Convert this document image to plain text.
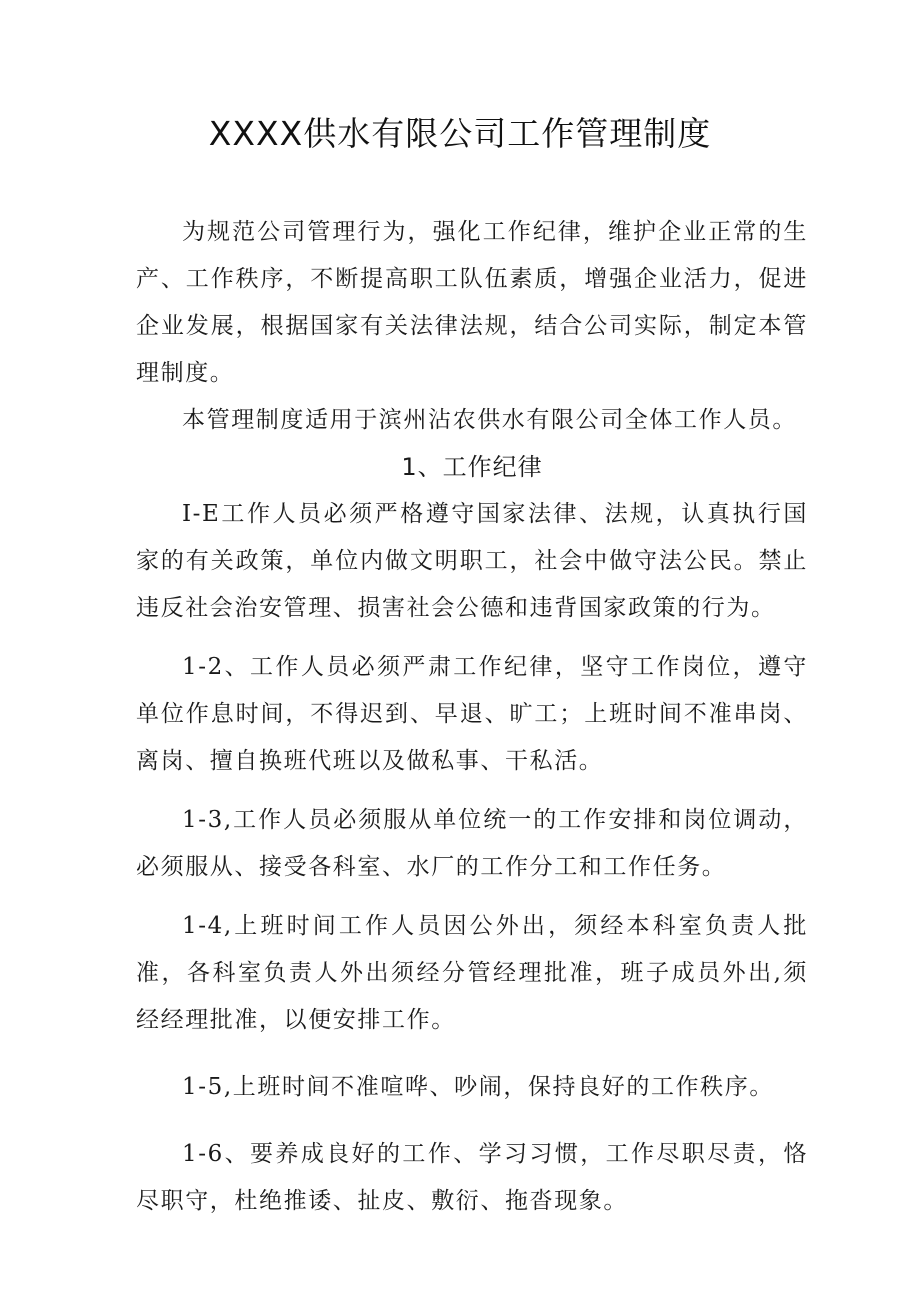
XXXX供水有限公司工作管理制度

为规范公司管理行为，强化工作纪律，维护企业正常的生产、工作秩序，不断提高职工队伍素质，增强企业活力，促进企业发展，根据国家有关法律法规，结合公司实际，制定本管理制度。

本管理制度适用于滨州沾农供水有限公司全体工作人员。

1、工作纪律

I-E工作人员必须严格遵守国家法律、法规，认真执行国家的有关政策，单位内做文明职工，社会中做守法公民。禁止违反社会治安管理、损害社会公德和违背国家政策的行为。

1-2、工作人员必须严肃工作纪律，坚守工作岗位，遵守单位作息时间，不得迟到、早退、旷工；上班时间不准串岗、离岗、擅自换班代班以及做私事、干私活。

1-3,工作人员必须服从单位统一的工作安排和岗位调动，必须服从、接受各科室、水厂的工作分工和工作任务。

1-4,上班时间工作人员因公外出，须经本科室负责人批准，各科室负责人外出须经分管经理批准，班子成员外出,须经经理批准，以便安排工作。

1-5,上班时间不准喧哗、吵闹，保持良好的工作秩序。

1-6、要养成良好的工作、学习习惯，工作尽职尽责，恪尽职守，杜绝推诿、扯皮、敷衍、拖沓现象。
